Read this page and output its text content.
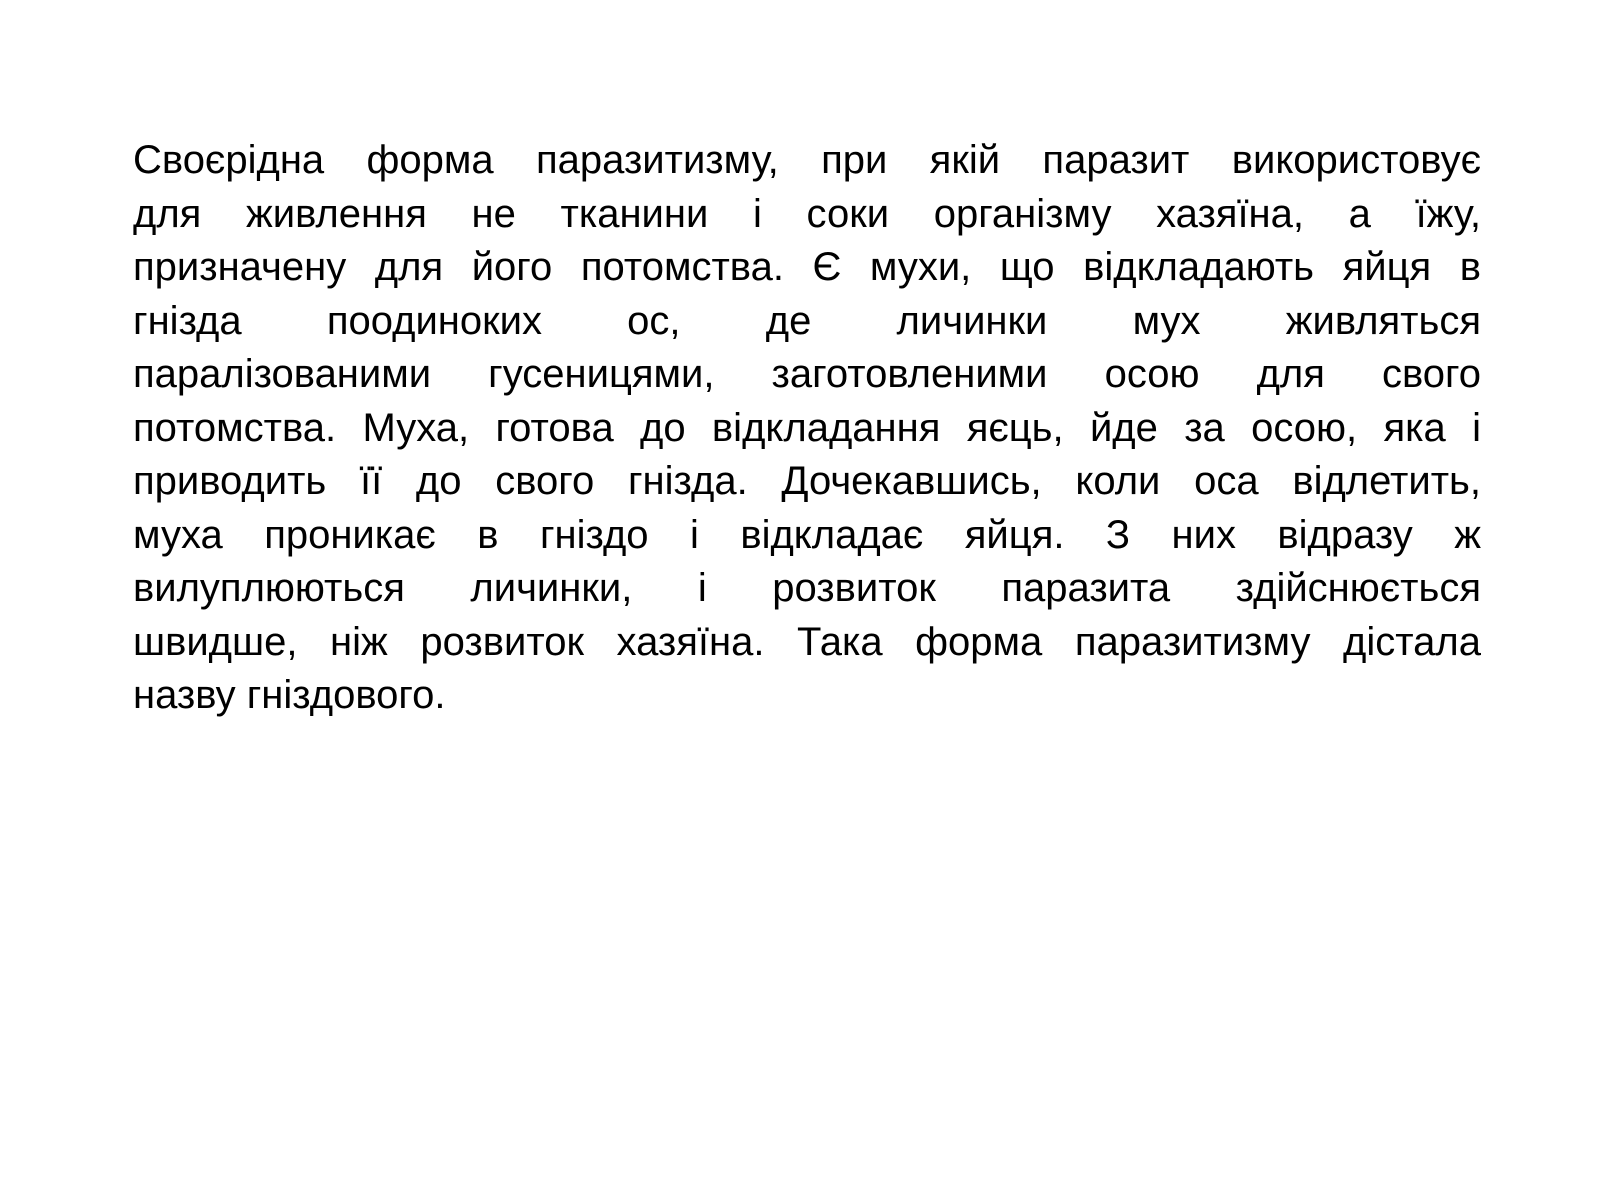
Своєрідна форма паразитизму, при якій паразит використовує
для живлення не тканини і соки організму хазяїна, а їжу,
призначену для його потомства. Є мухи, що відкладають яйця в
гнізда поодиноких ос, де личинки мух живляться
паралізованими гусеницями, заготовленими осою для свого
потомства. Муха, готова до відкладання яєць, йде за осою, яка і
приводить її до свого гнізда. Дочекавшись, коли оса відлетить,
муха проникає в гніздо і відкладає яйця. З них відразу ж
вилуплюються личинки, і розвиток паразита здійснюється
швидше, ніж розвиток хазяїна. Така форма паразитизму дістала
назву гніздового.
